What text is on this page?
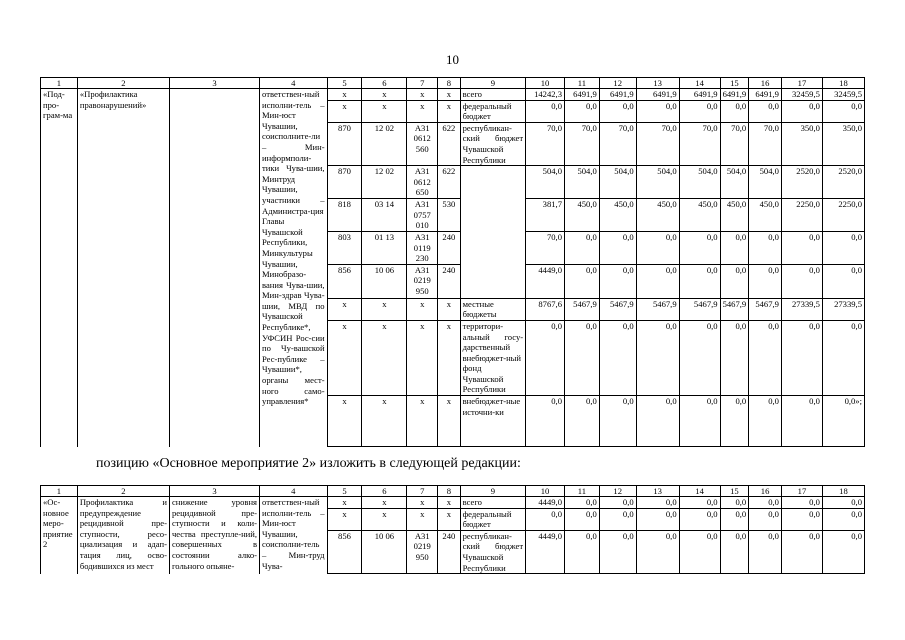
10
1	2	3	4	5	6	7	8	9	10	11	12	13	14	15	16	17	18
«Под-про-грам-ма	«Профилактика правонарушений»		ответствен-ный исполни-тель – Мин-юст Чувашии, соисполните-ли – Мин-информполи-тики Чува-шии, Минтруд Чувашии, участники – Администра-ция Главы Чувашской Республики, Минкультуры Чувашии, Минобразо-вания Чува-шии, Мин-здрав Чува-шии, МВД по Чувашской Республике*, УФСИН Рос-сии по Чу-вашской Рес-публике – Чувашии*, органы мест-ного само-управления*	x	x	x	x	всего	14242,3	6491,9	6491,9	6491,9	6491,9	6491,9	6491,9	32459,5	32459,5
				x	x	x	x	федеральный бюджет	0,0	0,0	0,0	0,0	0,0	0,0	0,0	0,0	0,0
				870	12 02	А31 0612 560	622	республикан-ский бюджет Чувашской Республики	70,0	70,0	70,0	70,0	70,0	70,0	70,0	350,0	350,0
				870	12 02	А31 0612 650	622		504,0	504,0	504,0	504,0	504,0	504,0	504,0	2520,0	2520,0
				818	03 14	А31 0757 010	530		381,7	450,0	450,0	450,0	450,0	450,0	450,0	2250,0	2250,0
				803	01 13	А31 0119 230	240		70,0	0,0	0,0	0,0	0,0	0,0	0,0	0,0	0,0
				856	10 06	А31 0219 950	240		4449,0	0,0	0,0	0,0	0,0	0,0	0,0	0,0	0,0
				x	x	x	x	местные бюджеты	8767,6	5467,9	5467,9	5467,9	5467,9	5467,9	5467,9	27339,5	27339,5
				x	x	x	x	территори-альный госу-дарственный внебюджет-ный фонд Чувашской Республики	0,0	0,0	0,0	0,0	0,0	0,0	0,0	0,0	0,0
				x	x	x	x	внебюджет-ные источни-ки	0,0	0,0	0,0	0,0	0,0	0,0	0,0	0,0	0,0»;
позицию «Основное мероприятие 2» изложить в следующей редакции:
1	2	3	4	5	6	7	8	9	10	11	12	13	14	15	16	17	18
«Ос-новное меро-приятие 2	Профилактика и предупреждение рецидивной пре-ступности, ресо-циализация и адап-тация лиц, осво-бодившихся из мест	снижение уровня рецидивной пре-ступности и коли-чества преступле-ний, совершенных в состоянии алко-гольного опьяне-	ответствен-ный исполни-тель – Мин-юст Чувашии, соисполни-тель – Мин-труд Чува-	x	x	x	x	всего	4449,0	0,0	0,0	0,0	0,0	0,0	0,0	0,0	0,0
				x	x	x	x	федеральный бюджет	0,0	0,0	0,0	0,0	0,0	0,0	0,0	0,0	0,0
				856	10 06	А31 0219 950	240	республикан-ский бюджет Чувашской Республики	4449,0	0,0	0,0	0,0	0,0	0,0	0,0	0,0	0,0
